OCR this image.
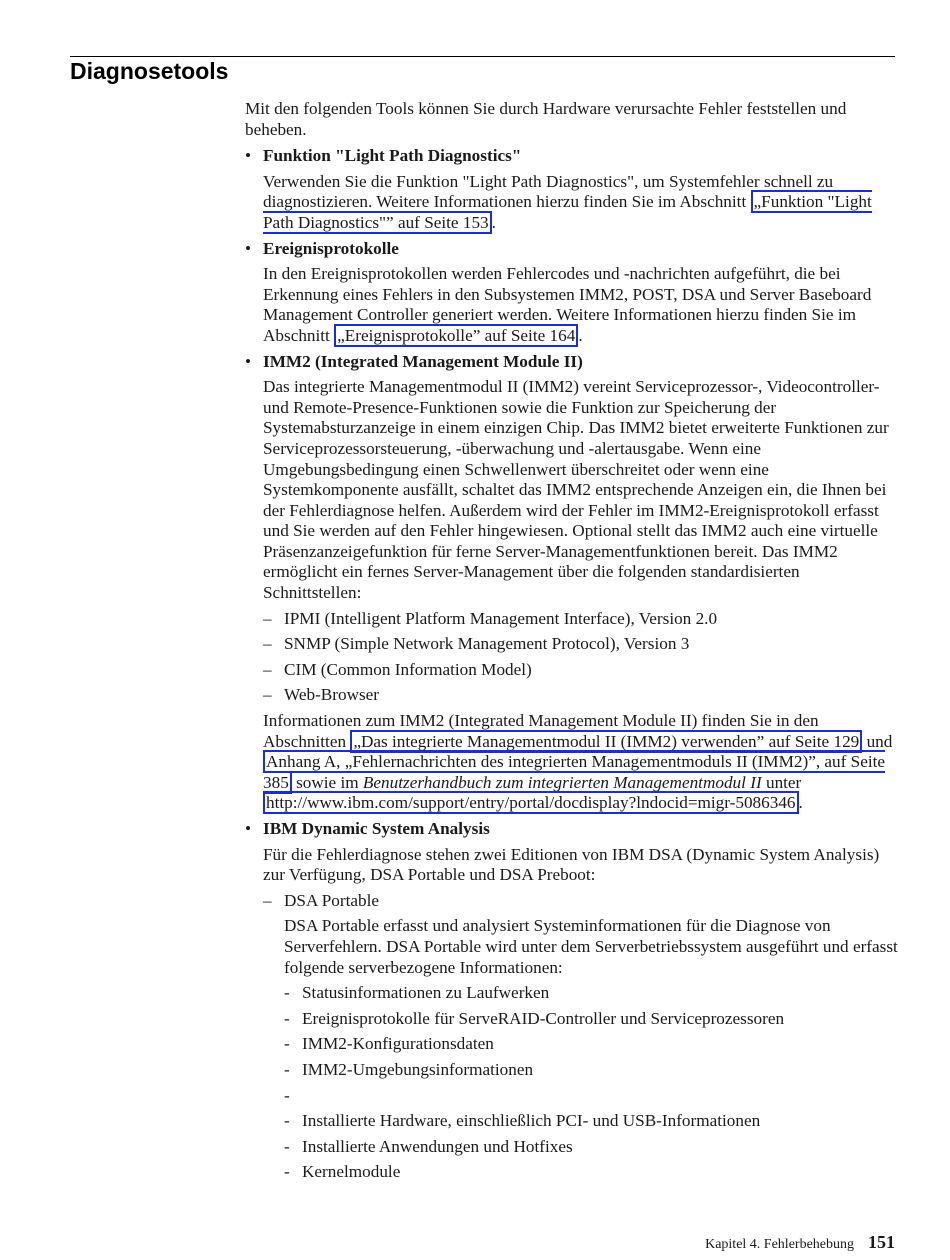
Diagnosetools

Mit den folgenden Tools können Sie durch Hardware verursachte Fehler feststellen und beheben.

• Funktion "Light Path Diagnostics"

Verwenden Sie die Funktion "Light Path Diagnostics", um Systemfehler schnell zu diagnostizieren. Weitere Informationen hierzu finden Sie im Abschnitt „Funktion "Light Path Diagnostics"” auf Seite 153 .

• Ereignisprotokolle

In den Ereignisprotokollen werden Fehlercodes und -nachrichten aufgeführt, die bei Erkennung eines Fehlers in den Subsystemen IMM2, POST, DSA und Server Baseboard Management Controller generiert werden. Weitere Informationen hierzu finden Sie im Abschnitt „Ereignisprotokolle” auf Seite 164 .

• IMM2 (Integrated Management Module II)

Das integrierte Managementmodul II (IMM2) vereint Serviceprozessor-, Videocontroller- und Remote-Presence-Funktionen sowie die Funktion zur Speicherung der Systemabsturzanzeige in einem einzigen Chip. Das IMM2 bietet erweiterte Funktionen zur Serviceprozessorsteuerung, -überwachung und -alertausgabe. Wenn eine Umgebungsbedingung einen Schwellenwert überschreitet oder wenn eine Systemkomponente ausfällt, schaltet das IMM2 entsprechende Anzeigen ein, die Ihnen bei der Fehlerdiagnose helfen. Außerdem wird der Fehler im IMM2-Ereignisprotokoll erfasst und Sie werden auf den Fehler hingewiesen. Optional stellt das IMM2 auch eine virtuelle Präsenzanzeigefunktion für ferne Server-Managementfunktionen bereit. Das IMM2 ermöglicht ein fernes Server-Management über die folgenden standardisierten Schnittstellen:

– IPMI (Intelligent Platform Management Interface), Version 2.0
– SNMP (Simple Network Management Protocol), Version 3
– CIM (Common Information Model)
– Web-Browser

Informationen zum IMM2 (Integrated Management Module II) finden Sie in den Abschnitten „Das integrierte Managementmodul II (IMM2) verwenden” auf Seite 129 und Anhang A, „Fehlernachrichten des integrierten Managementmoduls II (IMM2)”, auf Seite 385 sowie im Benutzerhandbuch zum integrierten Managementmodul II unter http://www.ibm.com/support/entry/portal/docdisplay?lndocid=migr-5086346 .

• IBM Dynamic System Analysis

Für die Fehlerdiagnose stehen zwei Editionen von IBM DSA (Dynamic System Analysis) zur Verfügung, DSA Portable und DSA Preboot:

– DSA Portable

DSA Portable erfasst und analysiert Systeminformationen für die Diagnose von Serverfehlern. DSA Portable wird unter dem Serverbetriebssystem ausgeführt und erfasst folgende serverbezogene Informationen:

- Statusinformationen zu Laufwerken
- Ereignisprotokolle für ServeRAID-Controller und Serviceprozessoren
- IMM2-Konfigurationsdaten
- IMM2-Umgebungsinformationen
-

- Installierte Hardware, einschließlich PCI- und USB-Informationen
- Installierte Anwendungen und Hotfixes
- Kernelmodule
Kapitel 4. Fehlerbehebung 151
